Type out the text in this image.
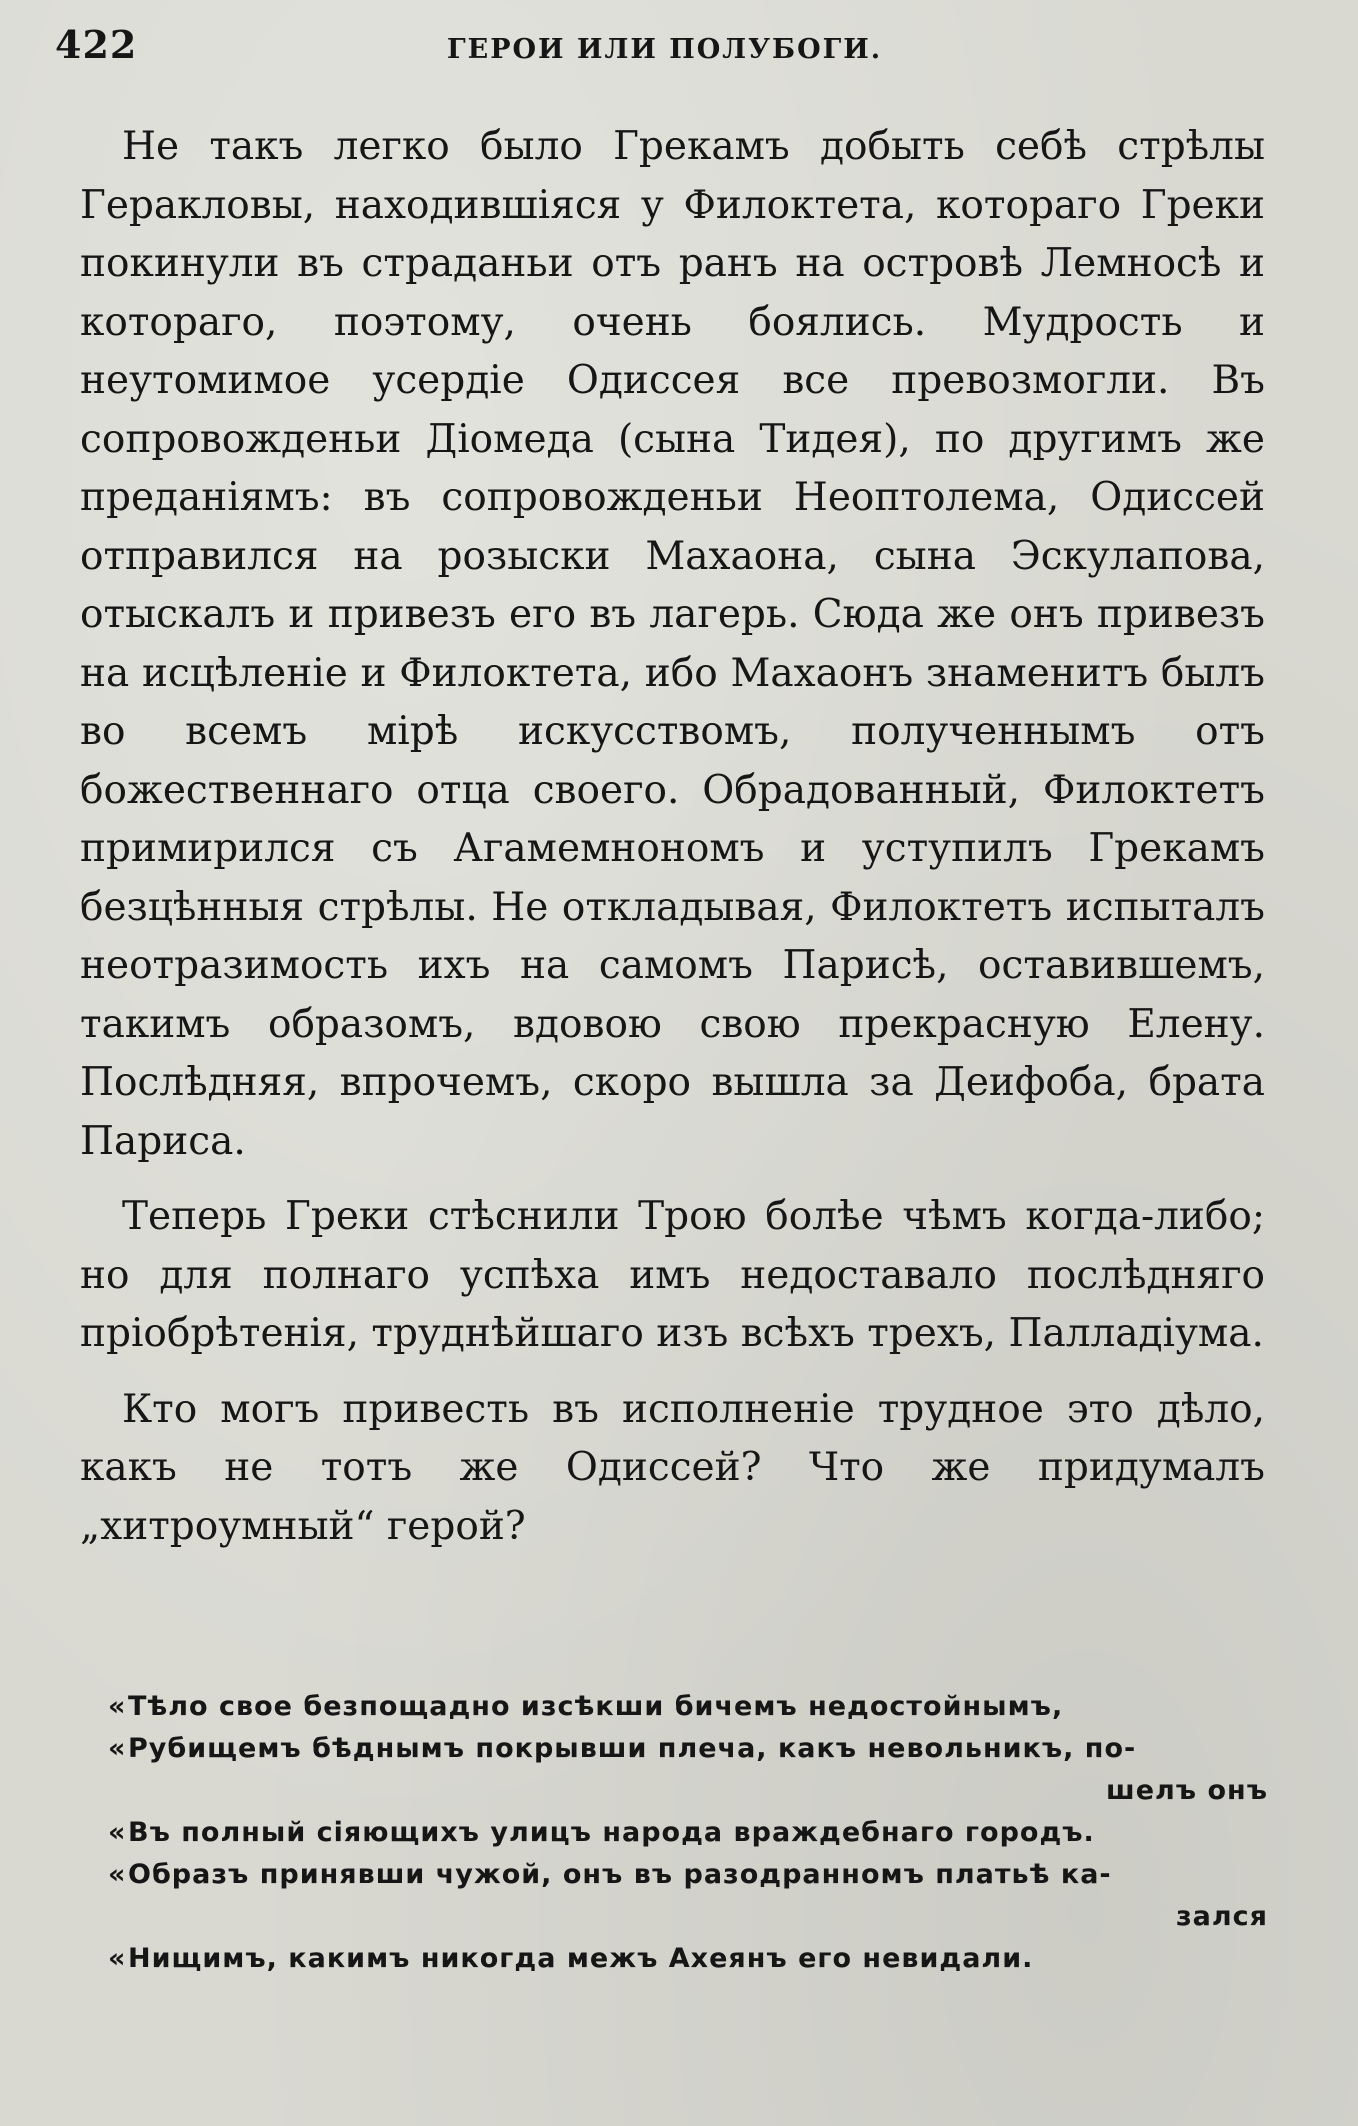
422	ГЕРОИ ИЛИ ПОЛУБОГИ.

Не такъ легко было Грекамъ добыть себѣ стрѣлы Геракловы, находившіяся у Филоктета, котораго Греки покинули въ страданьи отъ ранъ на островѣ Лемносѣ и котораго, поэтому, очень боялись. Мудрость и неутомимое усердіе Одиссея все превозмогли. Въ сопровожденьи Діомеда (сына Тидея), по другимъ же преданіямъ: въ сопровожденьи Неоптолема, Одиссей отправился на розыски Махаона, сына Эскулапова, отыскалъ и привезъ его въ лагерь. Сюда же онъ привезъ на исцѣленіе и Филоктета, ибо Махаонъ знаменитъ былъ во всемъ мірѣ искусствомъ, полученнымъ отъ божественнаго отца своего. Обрадованный, Филоктетъ примирился съ Агамемнономъ и уступилъ Грекамъ безцѣнныя стрѣлы. Не откладывая, Филоктетъ испыталъ неотразимость ихъ на самомъ Парисѣ, оставившемъ, такимъ образомъ, вдовою свою прекрасную Елену. Послѣдняя, впрочемъ, скоро вышла за Деифоба, брата Париса.

Теперь Греки стѣснили Трою болѣе чѣмъ когда-либо; но для полнаго успѣха имъ недоставало послѣдняго пріобрѣтенія, труднѣйшаго изъ всѣхъ трехъ, Палладіума.

Кто могъ привесть въ исполненіе трудное это дѣло, какъ не тотъ же Одиссей? Что же придумалъ „хитроумный“ герой?

« Тѣло свое безпощадно изсѣкши бичемъ недостойнымъ,
« Рубищемъ бѣднымъ покрывши плеча, какъ невольникъ, по-
шелъ онъ
« Въ полный сіяющихъ улицъ народа враждебнаго городъ.
« Образъ принявши чужой, онъ въ разодранномъ платьѣ ка-
зался
« Нищимъ, какимъ никогда межъ Ахеянъ его невидали.
